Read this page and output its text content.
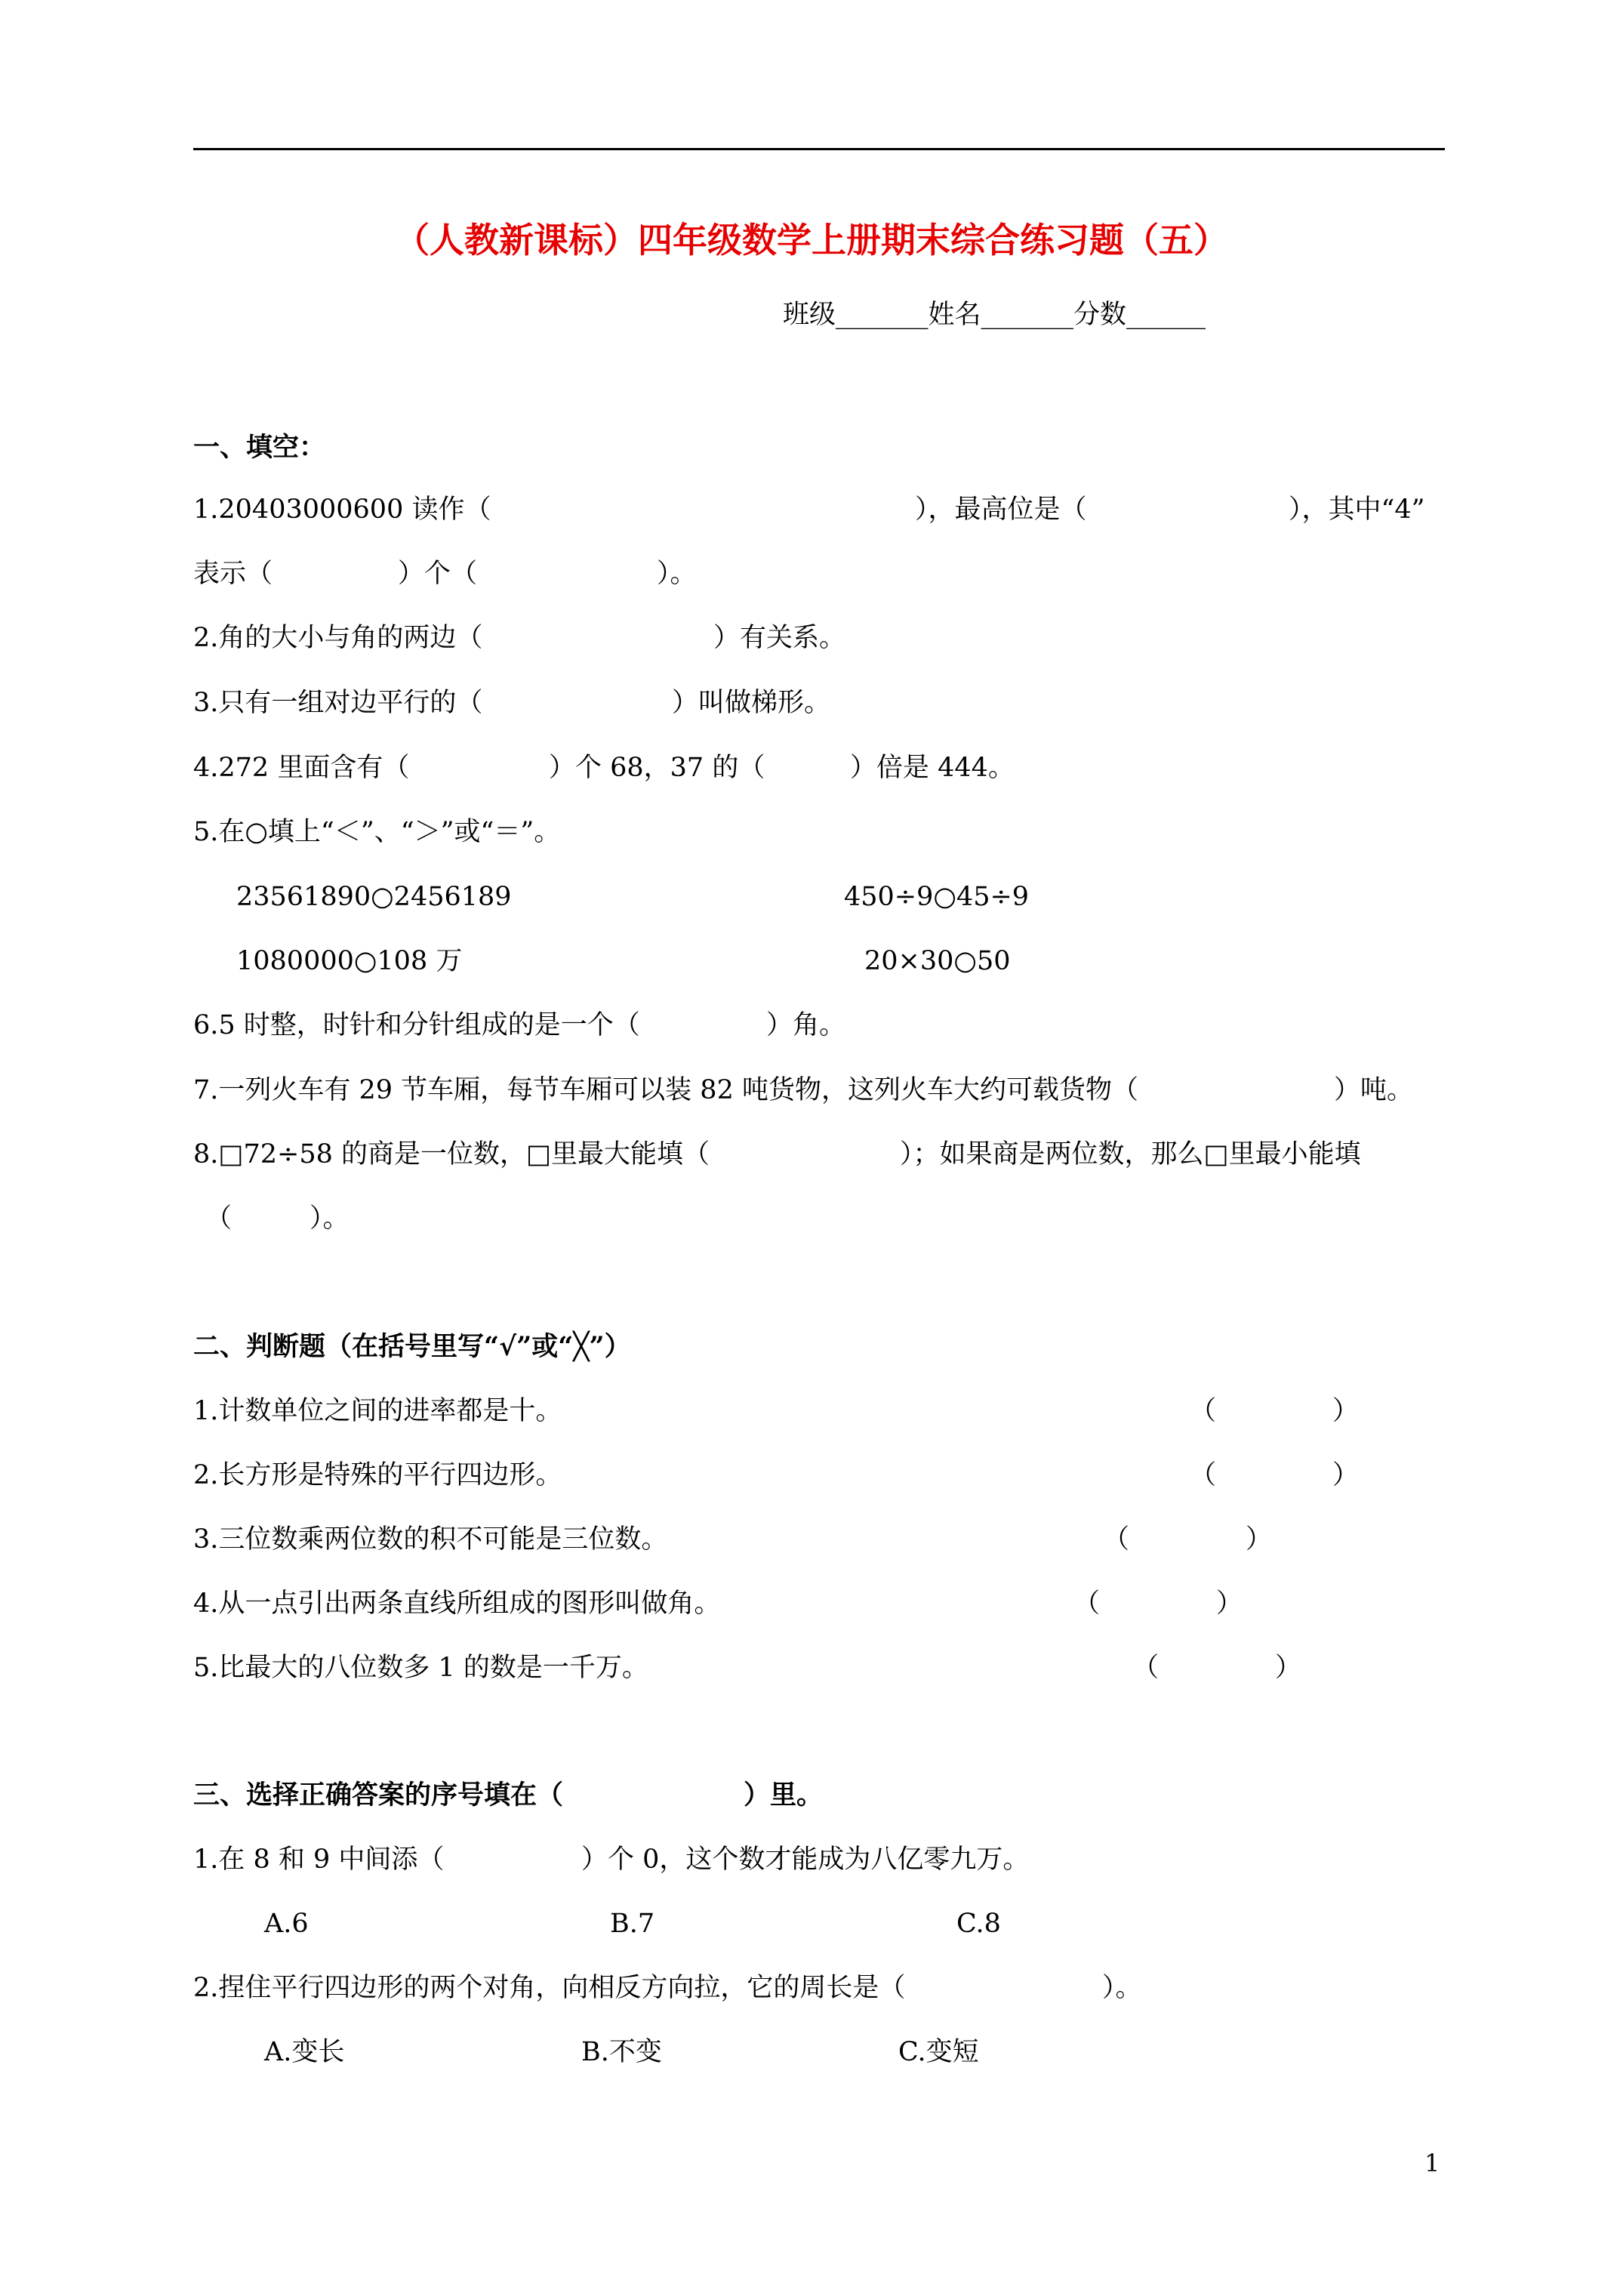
（人教新课标）四年级数学上册期末综合练习题（五）
班级_______姓名_______分数______
一、填空：
1.20403000600 读作（	），最高位是（	），其中“4”
表示（	）个（	）。
2.角的大小与角的两边（	）有关系。
3.只有一组对边平行的（	）叫做梯形。
4.272 里面含有（	）个 68，37 的（	）倍是 444。
5.在○填上“＜”、“＞”或“＝”。
23561890○2456189	450÷9○45÷9
1080000○108 万	20×30○50
6.5 时整，时针和分针组成的是一个（	）角。
7.一列火车有 29 节车厢，每节车厢可以装 82 吨货物，这列火车大约可载货物（	）吨。
8.□72÷58 的商是一位数，□里最大能填（	）；如果商是两位数，那么□里最小能填
（	）。
二、判断题（在括号里写“√”或“╳”）
1.计数单位之间的进率都是十。	（	）
2.长方形是特殊的平行四边形。	（	）
3.三位数乘两位数的积不可能是三位数。	（	）
4.从一点引出两条直线所组成的图形叫做角。	（	）
5.比最大的八位数多 1 的数是一千万。	（	）
三、选择正确答案的序号填在（	）里。
1.在 8 和 9 中间添（	）个 0，这个数才能成为八亿零九万。
A.6	B.7	C.8
2.捏住平行四边形的两个对角，向相反方向拉，它的周长是（	）。
A.变长	B.不变	C.变短
1
